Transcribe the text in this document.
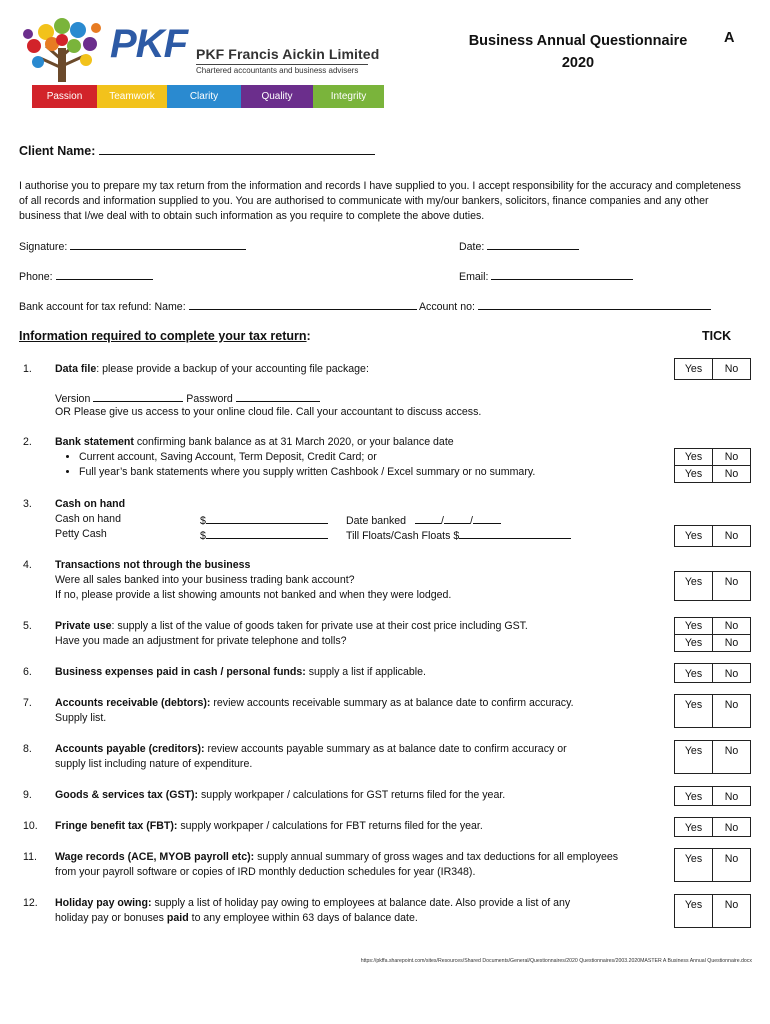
PKF PKF Francis Aickin Limited
Chartered accountants and business advisers
Passion	Teamwork	Clarity	Quality	Integrity
Business Annual Questionnaire
2020
A
Client Name:
I authorise you to prepare my tax return from the information and records I have supplied to you. I accept responsibility for the accuracy and completeness of all records and information supplied to you. You are authorised to communicate with my/our bankers, solicitors, finance companies and any other business that I/we deal with to obtain such information as you require to complete the above duties.
Signature:	Date:
Phone:	Email:
Bank account for tax refund: Name:	Account no:
Information required to complete your tax return:	TICK
1. Data file: please provide a backup of your accounting file package:	Yes	No
Version	Password
OR Please give us access to your online cloud file. Call your accountant to discuss access.
2. Bank statement confirming bank balance as at 31 March 2020, or your balance date
• Current account, Saving Account, Term Deposit, Credit Card; or
• Full year’s bank statements where you supply written Cashbook / Excel summary or no summary.
Yes	No
Yes	No
3. Cash on hand
Cash on hand	$	Date banked	/ /
Petty Cash	$	Till Floats/Cash Floats $	Yes	No
4. Transactions not through the business
Were all sales banked into your business trading bank account?
If no, please provide a list showing amounts not banked and when they were lodged.
Yes	No
5. Private use: supply a list of the value of goods taken for private use at their cost price including GST.
Have you made an adjustment for private telephone and tolls?
Yes	No
Yes	No
6. Business expenses paid in cash / personal funds: supply a list if applicable.	Yes	No
7. Accounts receivable (debtors): review accounts receivable summary as at balance date to confirm accuracy.
Supply list.
Yes	No
8. Accounts payable (creditors): review accounts payable summary as at balance date to confirm accuracy or
supply list including nature of expenditure.
Yes	No
9. Goods & services tax (GST): supply workpaper / calculations for GST returns filed for the year.	Yes	No
10. Fringe benefit tax (FBT): supply workpaper / calculations for FBT returns filed for the year.	Yes	No
11. Wage records (ACE, MYOB payroll etc): supply annual summary of gross wages and tax deductions for all employees
from your payroll software or copies of IRD monthly deduction schedules for year (IR348).
Yes	No
12. Holiday pay owing: supply a list of holiday pay owing to employees at balance date. Also provide a list of any
holiday pay or bonuses paid to any employee within 63 days of balance date.
Yes	No
https://pkffa.sharepoint.com/sites/Resources/Shared Documents/General/Questionnaires/2020 Questionnaires/2003.2020MASTER A Business Annual Questionnaire.docx
